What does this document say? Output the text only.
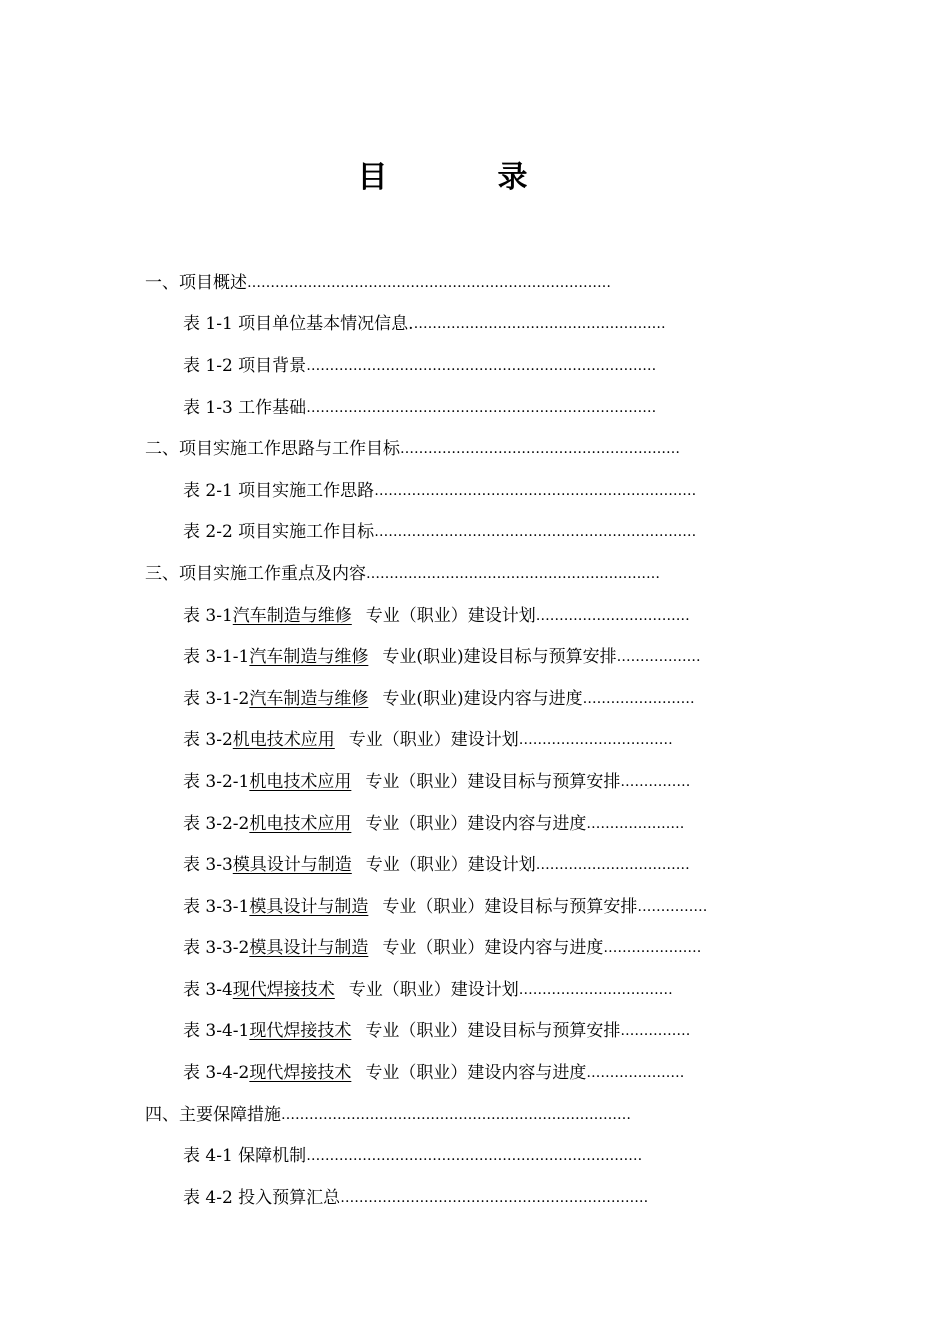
目　录
一、项目概述 ……………………………………………………………………
表 1-1 项目单位基本情况信息. ………………………………………………
表 1-2 项目背景 …………………………………………………………………
表 1-3 工作基础 …………………………………………………………………
二、项目实施工作思路与工作目标 ……………………………………………………
表 2-1 项目实施工作思路 ……………………………………………………………
表 2-2 项目实施工作目标 ……………………………………………………………
三、项目实施工作重点及内容 ………………………………………………………
表 3-1 汽车制造与维修 专业（职业）建设计划 ……………………………
表 3-1-1 汽车制造与维修 专业(职业)建设目标与预算安排 ………………
表 3-1-2 汽车制造与维修 专业(职业)建设内容与进度 ……………………
表 3-2 机电技术应用 专业（职业）建设计划 ……………………………
表 3-2-1 机电技术应用 专业（职业）建设目标与预算安排 ……………
表 3-2-2 机电技术应用 专业（职业）建设内容与进度 …………………
表 3-3 模具设计与制造 专业（职业）建设计划 ……………………………
表 3-3-1 模具设计与制造 专业（职业）建设目标与预算安排 ……………
表 3-3-2 模具设计与制造 专业（职业）建设内容与进度 …………………
表 3-4 现代焊接技术 专业（职业）建设计划 ……………………………
表 3-4-1 现代焊接技术 专业（职业）建设目标与预算安排 ……………
表 3-4-2 现代焊接技术 专业（职业）建设内容与进度 …………………
四、主要保障措施 …………………………………………………………………
表 4-1 保障机制 ………………………………………………………………
表 4-2 投入预算汇总 …………………………………………………………
